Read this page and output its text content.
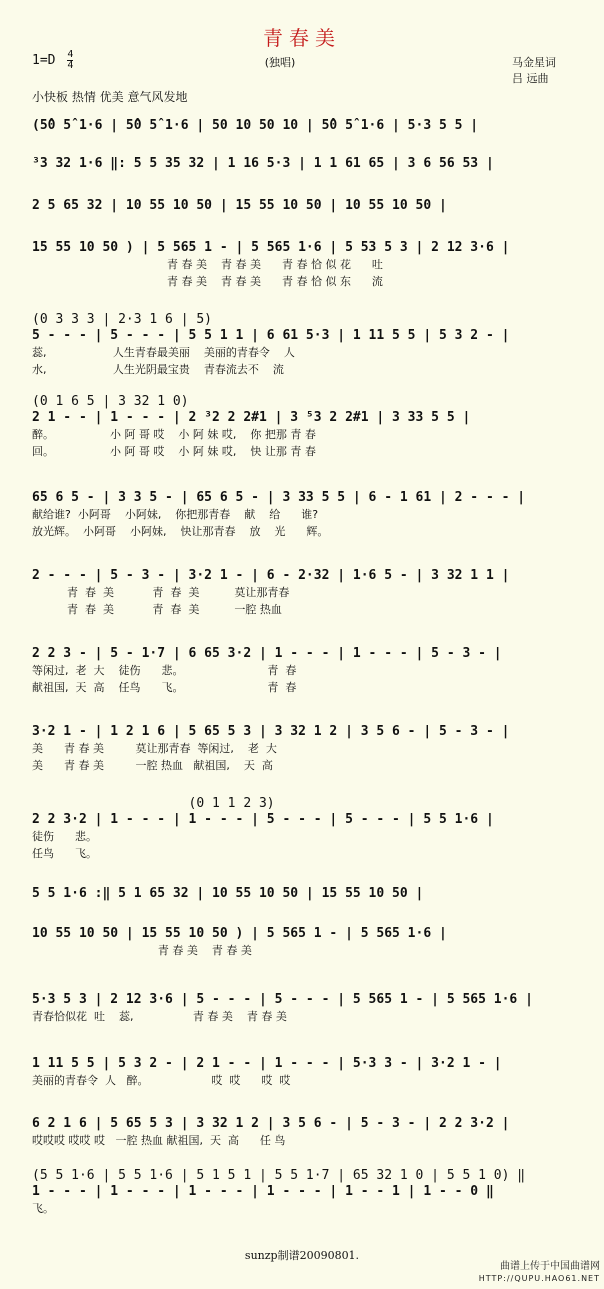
青春美
(独唱)
$1=D \frac{4}{4}$	马金星词
吕 远曲
小快板 热情 优美 意气风发地
(5̂0 5̂ 1·6 | 5̂0 5̂ 1·6 | 50 10 50 10 | 5̂0 5̂ 1·6 | 5·3 5 5 |
³3 32 1·6 ‖: 5 5 35 32 | 1 16 5·3 | 1 1 61 65 | 3 6 56 53 |
2 5 65 32 | 10 55 10 50 | 15 55 10 50 | 10 55 10 50 |
15 55 10 50 ) | 5 565 1 - | 5 565 1·6 | 5 53 5 3 | 2 12 3·6 |
青 春 美    青 春 美      青 春 恰 似 花      吐
青 春 美    青 春 美      青 春 恰 似 东      流
(0 3 3 3 | 2·3 1 6 | 5)
5 - - - | 5 - - - | 5 5 1 1 | 6 61 5·3 | 1 11 5 5 | 5 3 2 - |
蕊,                   人生青春最美丽    美丽的青春令    人
水,                   人生光阴最宝贵    青春流去不    流
(0 1 6 5 | 3 32 1 0)
2 1 - - | 1 - - - | 2 ³2 2 2#1 | 3 ⁵3 2 2#1 | 3 33 5 5 |
醉。                小 阿 哥 哎    小 阿 妹 哎,    你 把那 青 春
回。                小 阿 哥 哎    小 阿 妹 哎,    快 让那 青 春
65 6 5 - | 3 3 5 - | 65 6 5 - | 3 33 5 5 | 6 - 1 61 | 2 - - - |
献给谁?  小阿哥    小阿妹,    你把那青春    献    给      谁?
放光辉。  小阿哥    小阿妹,    快让那青春    放    光      辉。
2 - - - | 5 - 3 - | 3·2 1 - | 6 - 2·32 | 1·6 5 - | 3 32 1 1 |
青  春  美           青  春  美          莫让那青春
青  春  美           青  春  美          一腔 热血
2 2 3 - | 5 - 1·7 | 6 65 3·2 | 1 - - - | 1 - - - | 5 - 3 - |
等闲过,  老  大    徒伤      悲。                        青  春
献祖国,  天  高    任鸟      飞。                        青  春
3·2 1 - | 1 2 1 6 | 5 65 5 3 | 3 32 1 2 | 3 5 6 - | 5 - 3 - |
美      青 春 美         莫让那青春  等闲过,    老  大
美      青 春 美         一腔 热血   献祖国,    天  高
(0 1 1 2 3)
2 2 3·2 | 1 - - - | 1 - - - | 5 - - - | 5 - - - | 5 5 1·6 |
徒伤      悲。
任鸟      飞。
5 5 1·6 :‖ 5 1 65 32 | 10 55 10 50 | 15 55 10 50 |
10 55 10 50 | 15 55 10 50 ) | 5 565 1 - | 5 565 1·6 |
青 春 美    青 春 美
5·3 5 3 | 2 12 3·6 | 5 - - - | 5 - - - | 5 565 1 - | 5 565 1·6 |
青春恰似花  吐    蕊,                 青 春 美    青 春 美
1 11 5 5 | 5 3 2 - | 2 1 - - | 1 - - - | 5·3 3 - | 3·2 1 - |
美丽的青春令  人   醉。                  哎  哎      哎  哎
6 2 1 6 | 5 65 5 3 | 3 32 1 2 | 3 5 6 - | 5 - 3 - | 2 2 3·2 |
哎哎哎 哎哎 哎   一腔 热血 献祖国,  天  高      任 鸟
(5 5 1·6 | 5 5 1·6 | 5 1 5 1 | 5 5 1·7 | 65 32 1 0 | 5 5 1 0) ‖
1 - - - | 1 - - - | 1 - - - | 1 - - - | 1 - - 1 | 1 - - 0 ‖
飞。
sunzp制谱20090801.
曲谱上传于中国曲谱网
HTTP://QUPU.HAO61.NET
